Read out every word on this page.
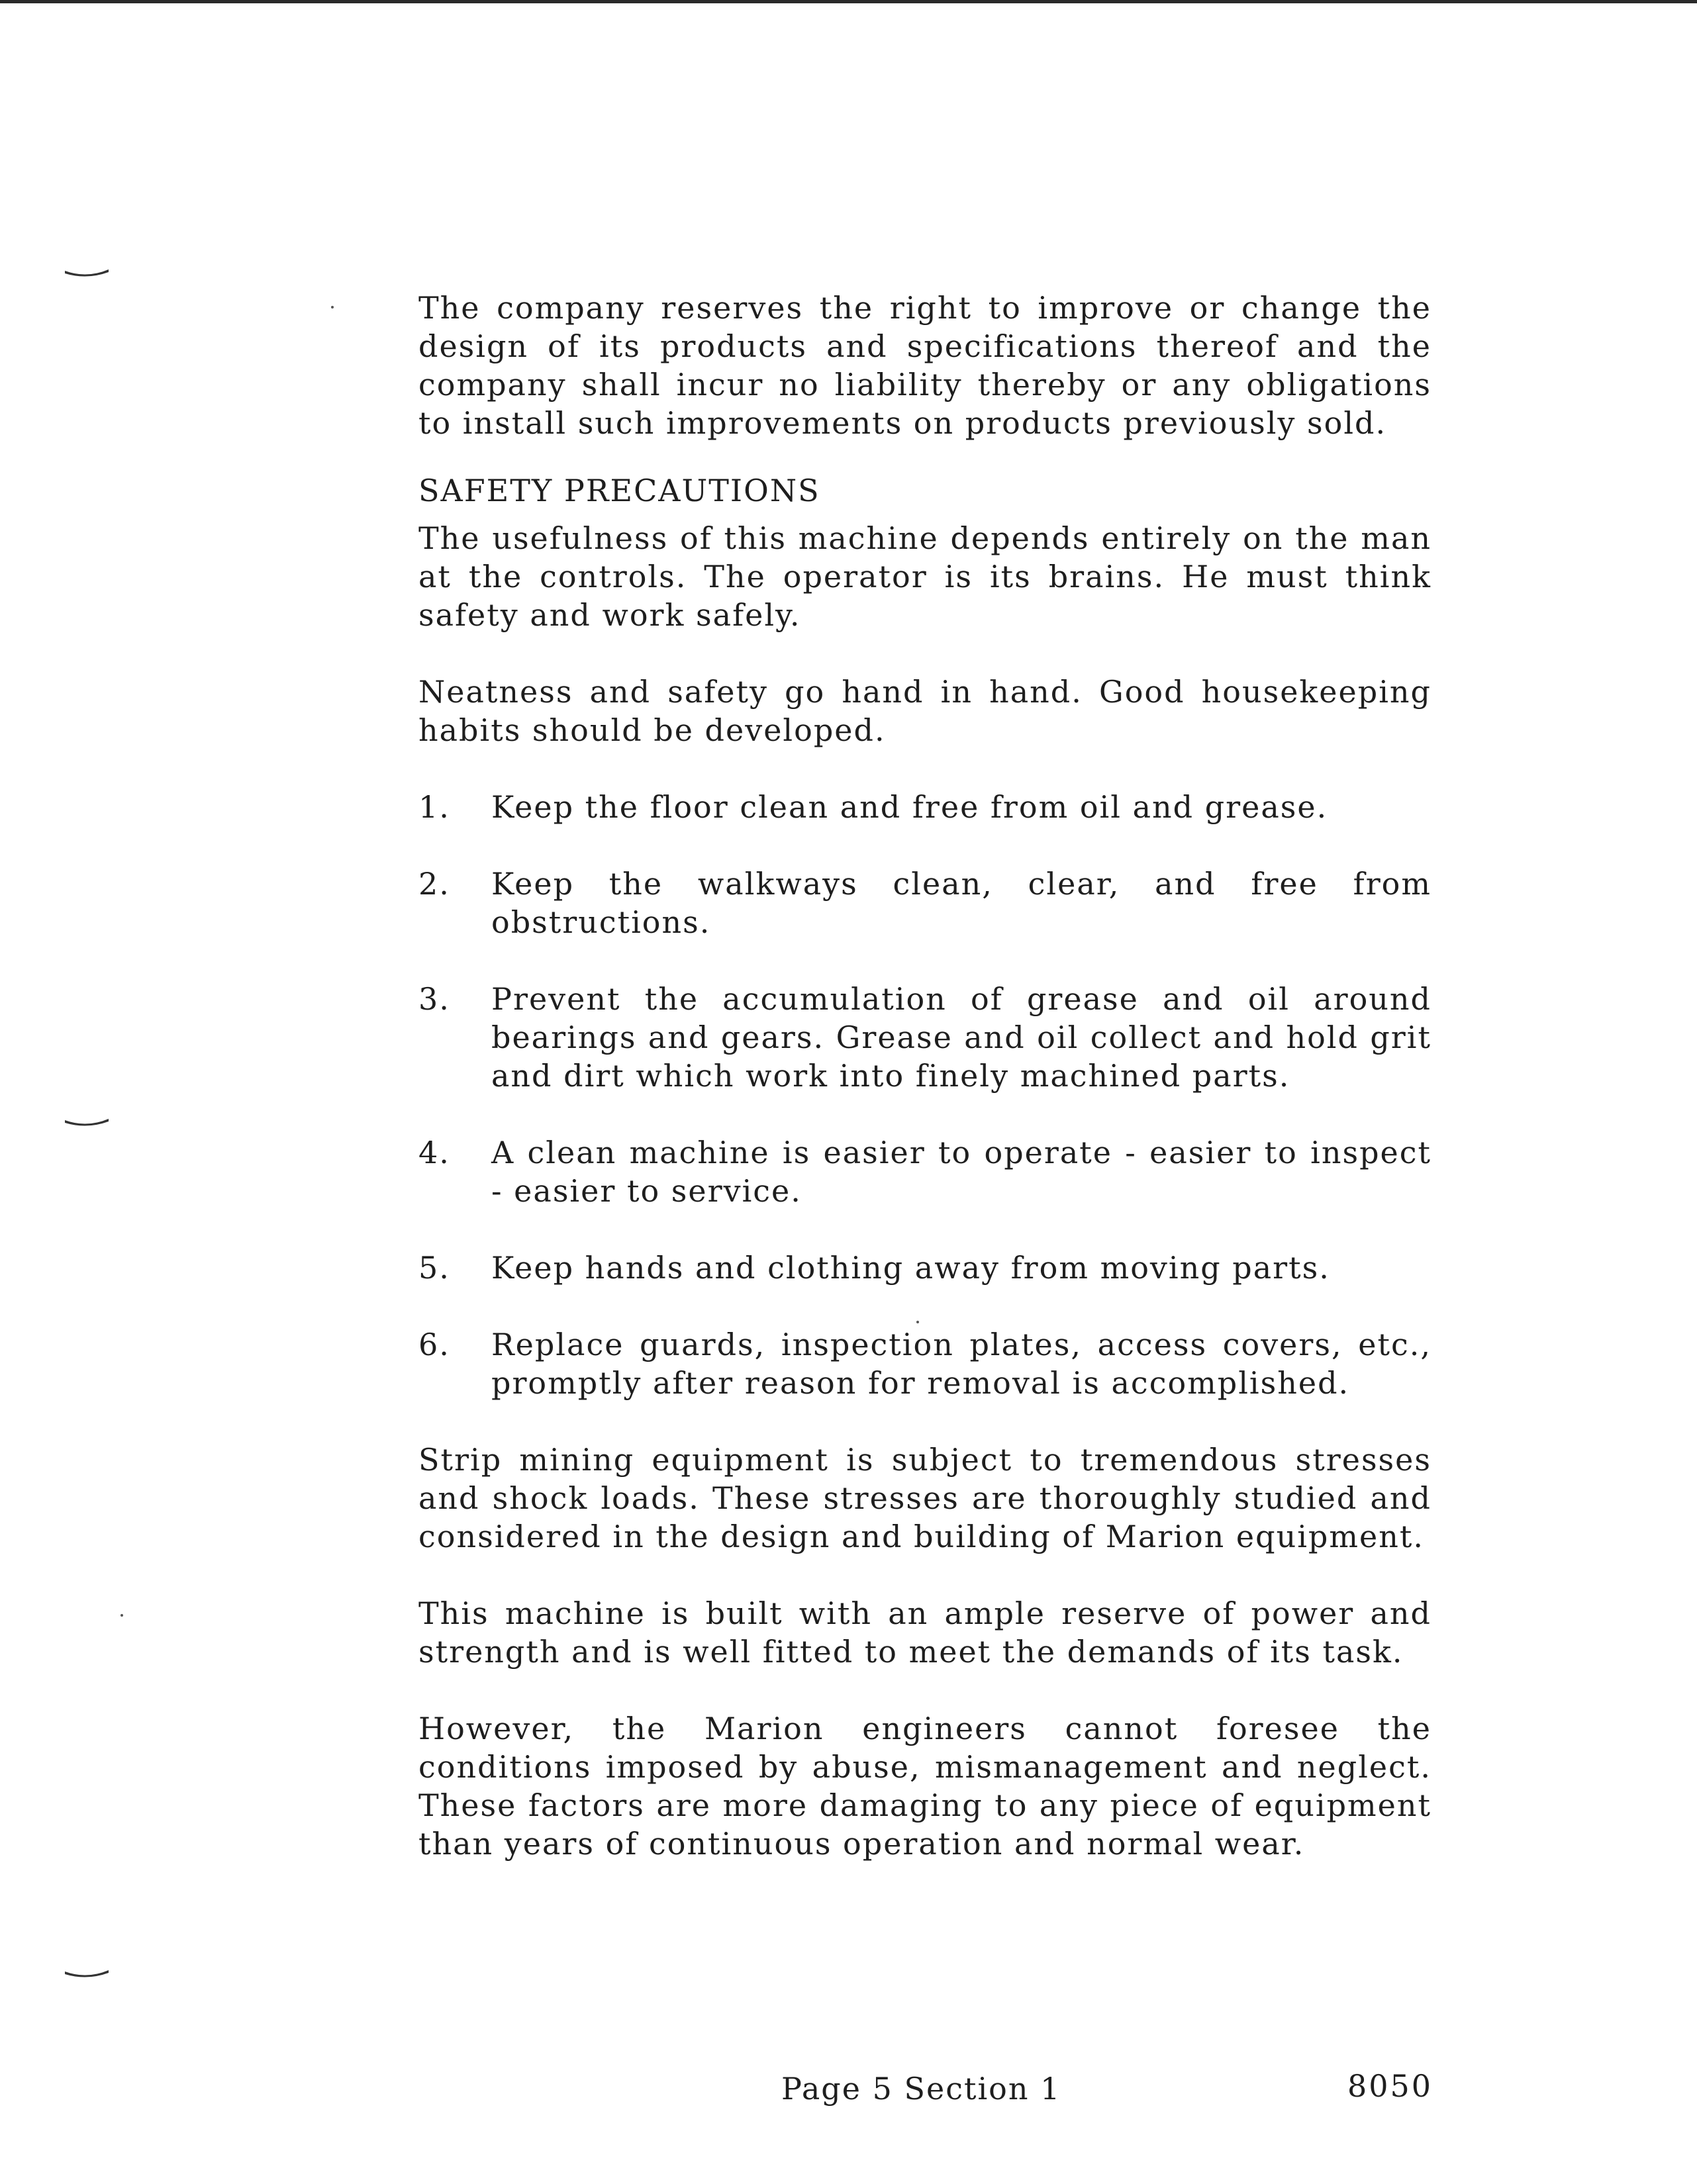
The company reserves the right to improve or change the design of its products and specifications thereof and the company shall incur no liability thereby or any obligations to install such improvements on products previously sold.

SAFETY PRECAUTIONS

The usefulness of this machine depends entirely on the man at the controls. The operator is its brains. He must think safety and work safely.

Neatness and safety go hand in hand. Good housekeeping habits should be developed.

1. Keep the floor clean and free from oil and grease.
2. Keep the walkways clean, clear, and free from obstructions.
3. Prevent the accumulation of grease and oil around bearings and gears. Grease and oil collect and hold grit and dirt which work into finely machined parts.
4. A clean machine is easier to operate - easier to inspect - easier to service.
5. Keep hands and clothing away from moving parts.
6. Replace guards, inspection plates, access covers, etc., promptly after reason for removal is accomplished.

Strip mining equipment is subject to tremendous stresses and shock loads. These stresses are thoroughly studied and considered in the design and building of Marion equipment.

This machine is built with an ample reserve of power and strength and is well fitted to meet the demands of its task.

However, the Marion engineers cannot foresee the conditions imposed by abuse, mismanagement and neglect. These factors are more damaging to any piece of equipment than years of continuous operation and normal wear.

Page 5 Section 1	8050
